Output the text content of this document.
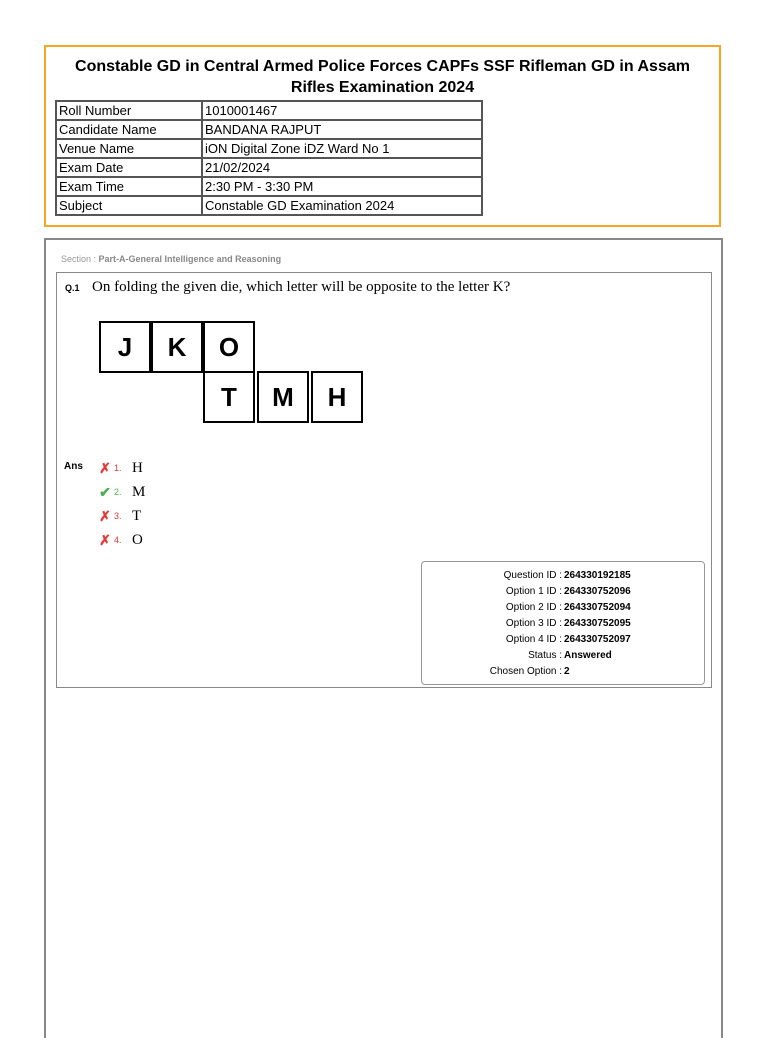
Constable GD in Central Armed Police Forces CAPFs SSF Rifleman GD in Assam
Rifles Examination 2024
Roll Number	1010001467
Candidate Name	BANDANA RAJPUT
Venue Name	iON Digital Zone iDZ Ward No 1
Exam Date	21/02/2024
Exam Time	2:30 PM - 3:30 PM
Subject	Constable GD Examination 2024
Section : Part-A-General Intelligence and Reasoning
Q.1 On folding the given die, which letter will be opposite to the letter K?
J	K	O
T	M	H
Ans ✗ 1. H
✔ 2. M
✗ 3. T
✗ 4. O
Question ID : 264330192185
Option 1 ID : 264330752096
Option 2 ID : 264330752094
Option 3 ID : 264330752095
Option 4 ID : 264330752097
Status : Answered
Chosen Option : 2
